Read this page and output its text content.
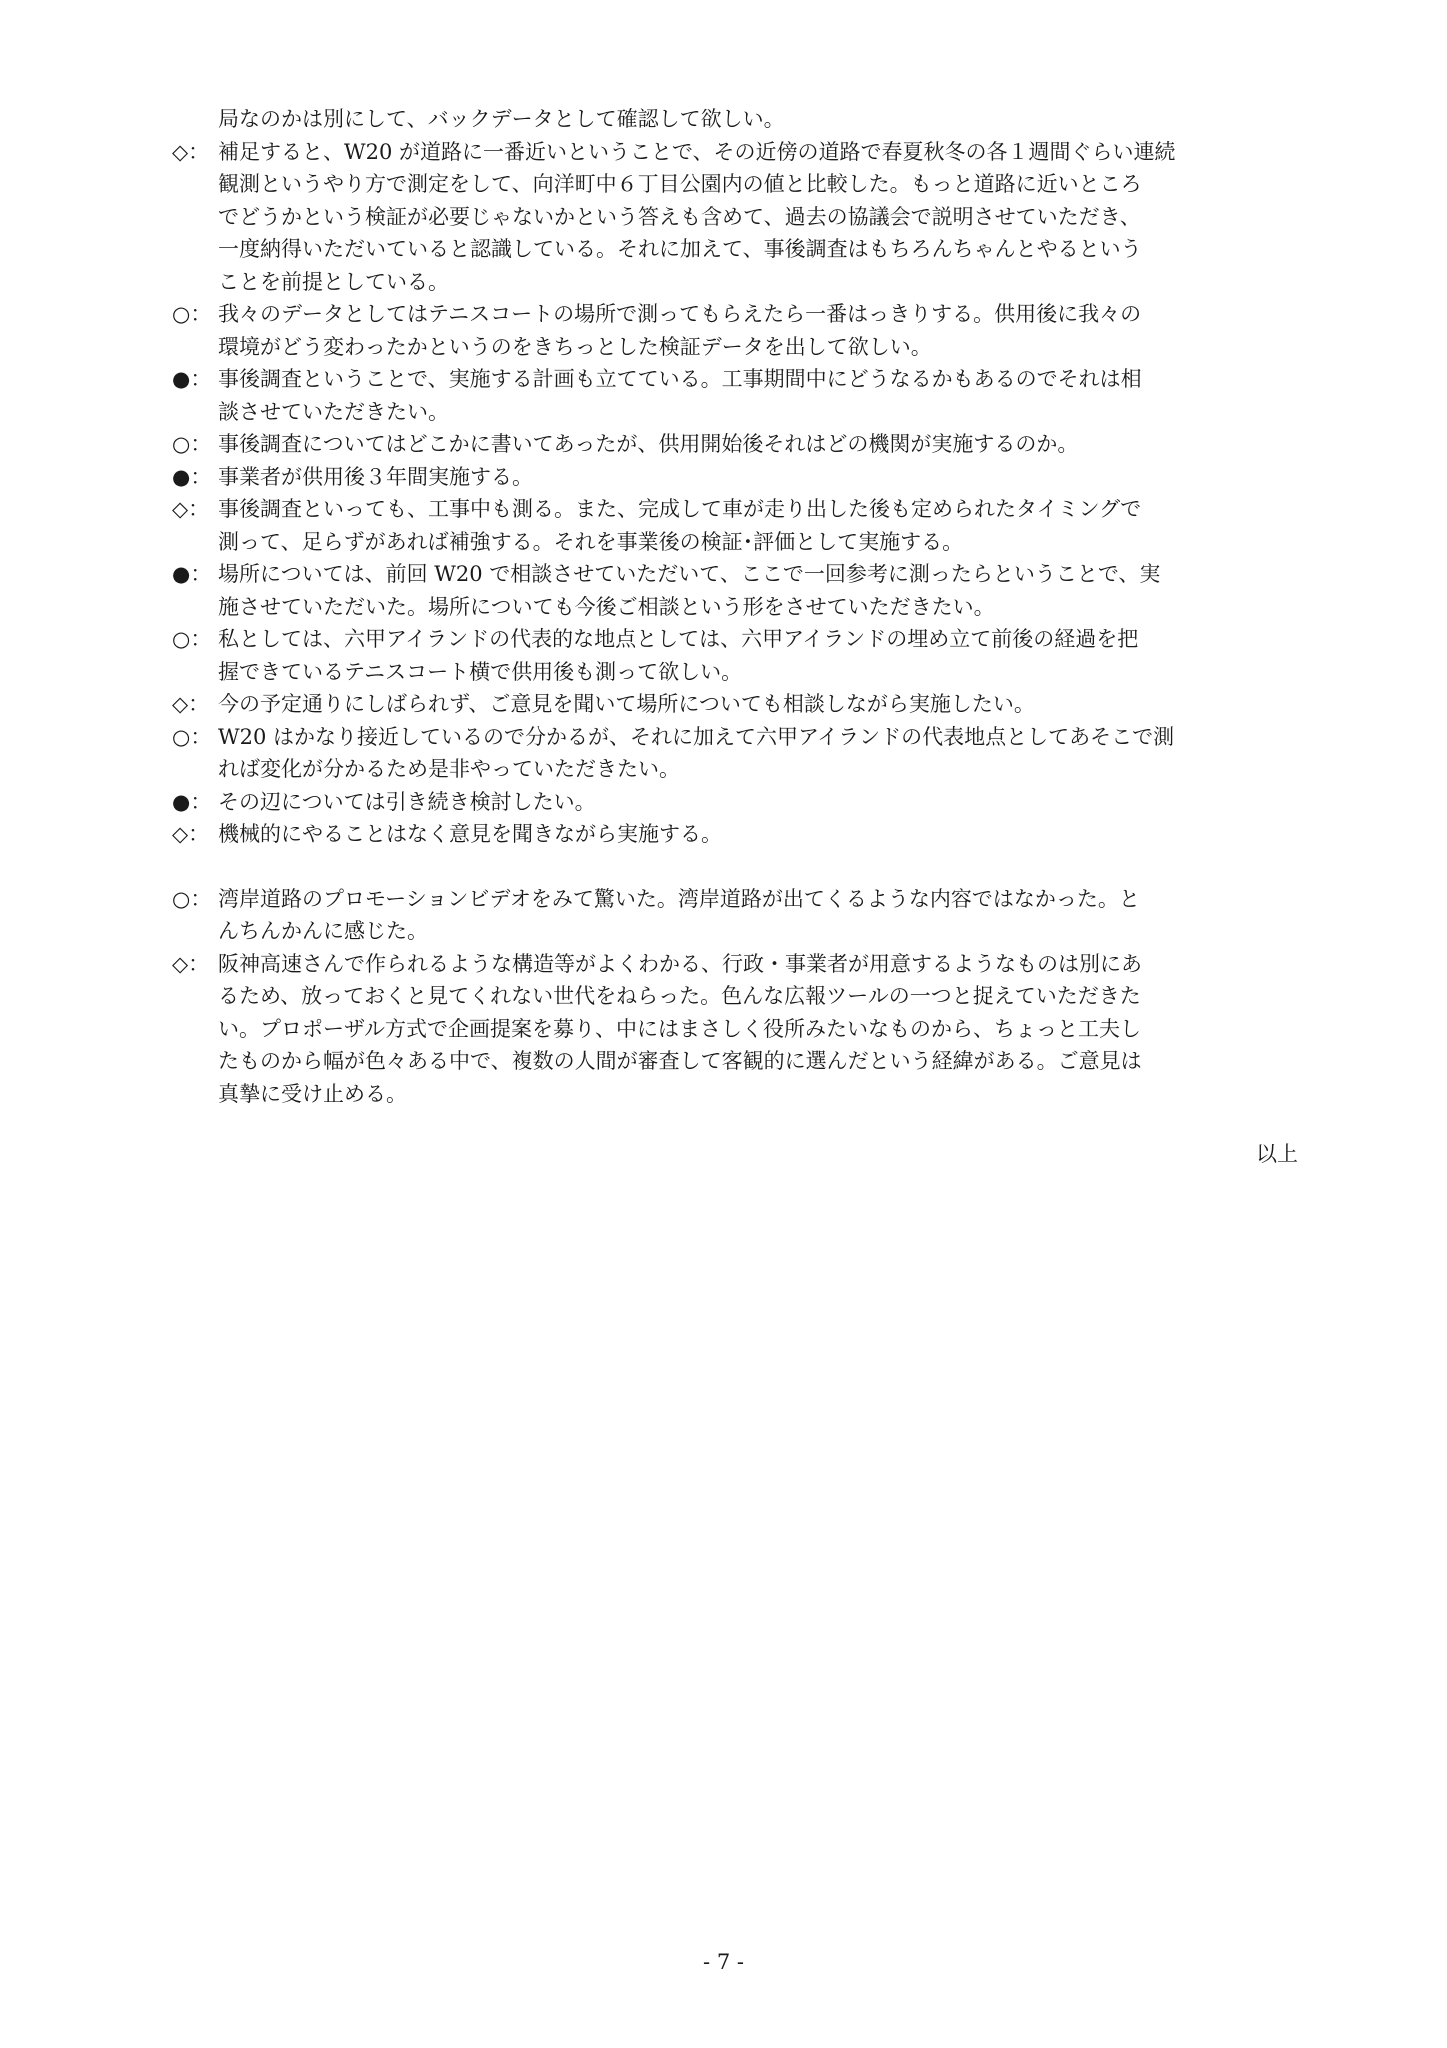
局なのかは別にして、バックデータとして確認して欲しい。
◇： 補足すると、W20 が道路に一番近いということで、その近傍の道路で春夏秋冬の各１週間ぐらい連続
観測というやり方で測定をして、向洋町中６丁目公園内の値と比較した。もっと道路に近いところ
でどうかという検証が必要じゃないかという答えも含めて、過去の協議会で説明させていただき、
一度納得いただいていると認識している。それに加えて、事後調査はもちろんちゃんとやるという
ことを前提としている。
○： 我々のデータとしてはテニスコートの場所で測ってもらえたら一番はっきりする。供用後に我々の
環境がどう変わったかというのをきちっとした検証データを出して欲しい。
●： 事後調査ということで、実施する計画も立てている。工事期間中にどうなるかもあるのでそれは相
談させていただきたい。
○： 事後調査についてはどこかに書いてあったが、供用開始後それはどの機関が実施するのか。
●： 事業者が供用後３年間実施する。
◇： 事後調査といっても、工事中も測る。また、完成して車が走り出した後も定められたタイミングで
測って、足らずがあれば補強する。それを事業後の検証･評価として実施する。
●： 場所については、前回 W20 で相談させていただいて、ここで一回参考に測ったらということで、実
施させていただいた。場所についても今後ご相談という形をさせていただきたい。
○： 私としては、六甲アイランドの代表的な地点としては、六甲アイランドの埋め立て前後の経過を把
握できているテニスコート横で供用後も測って欲しい。
◇： 今の予定通りにしばられず、ご意見を聞いて場所についても相談しながら実施したい。
○： W20 はかなり接近しているので分かるが、それに加えて六甲アイランドの代表地点としてあそこで測
れば変化が分かるため是非やっていただきたい。
●： その辺については引き続き検討したい。
◇： 機械的にやることはなく意見を聞きながら実施する。
○： 湾岸道路のプロモーションビデオをみて驚いた。湾岸道路が出てくるような内容ではなかった。と
んちんかんに感じた。
◇： 阪神高速さんで作られるような構造等がよくわかる、行政・事業者が用意するようなものは別にあ
るため、放っておくと見てくれない世代をねらった。色んな広報ツールの一つと捉えていただきた
い。プロポーザル方式で企画提案を募り、中にはまさしく役所みたいなものから、ちょっと工夫し
たものから幅が色々ある中で、複数の人間が審査して客観的に選んだという経緯がある。ご意見は
真摯に受け止める。
以上
- 7 -
